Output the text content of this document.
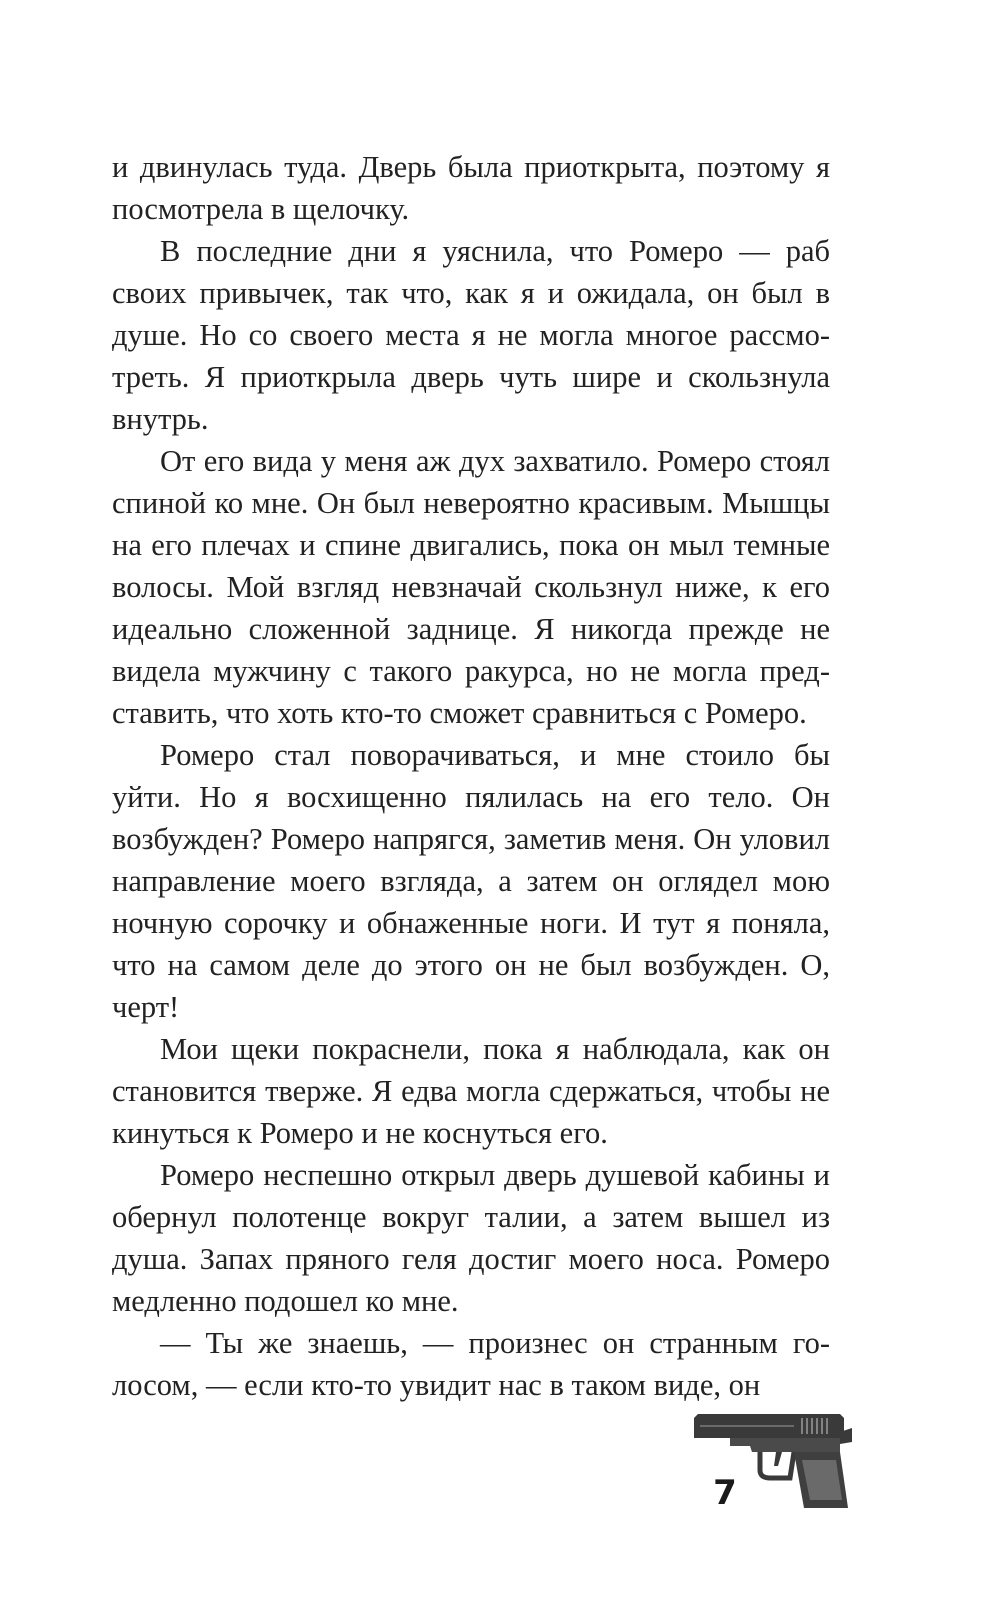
и двинулась туда. Дверь была приоткрыта, поэтому я посмотрела в щелочку.

В последние дни я уяснила, что Ромеро — раб своих привычек, так что, как я и ожидала, он был в душе. Но со своего места я не могла многое рассмотреть. Я приоткрыла дверь чуть шире и скользнула внутрь.

От его вида у меня аж дух захватило. Ромеро стоял спиной ко мне. Он был невероятно красивым. Мышцы на его плечах и спине двигались, пока он мыл темные волосы. Мой взгляд невзначай скользнул ниже, к его идеально сложенной заднице. Я никогда прежде не видела мужчину с такого ракурса, но не могла представить, что хоть кто-то сможет сравниться с Ромеро.

Ромеро стал поворачиваться, и мне стоило бы уйти. Но я восхищенно пялилась на его тело. Он возбужден? Ромеро напрягся, заметив меня. Он уловил направление моего взгляда, а затем он оглядел мою ночную сорочку и обнаженные ноги. И тут я поняла, что на самом деле до этого он не был возбужден. О, черт!

Мои щеки покраснели, пока я наблюдала, как он становится тверже. Я едва могла сдержаться, чтобы не кинуться к Ромеро и не коснуться его.

Ромеро неспешно открыл дверь душевой кабины и обернул полотенце вокруг талии, а затем вышел из душа. Запах пряного геля достиг моего носа. Ромеро медленно подошел ко мне.

— Ты же знаешь, — произнес он странным голосом, — если кто-то увидит нас в таком виде, он

7
